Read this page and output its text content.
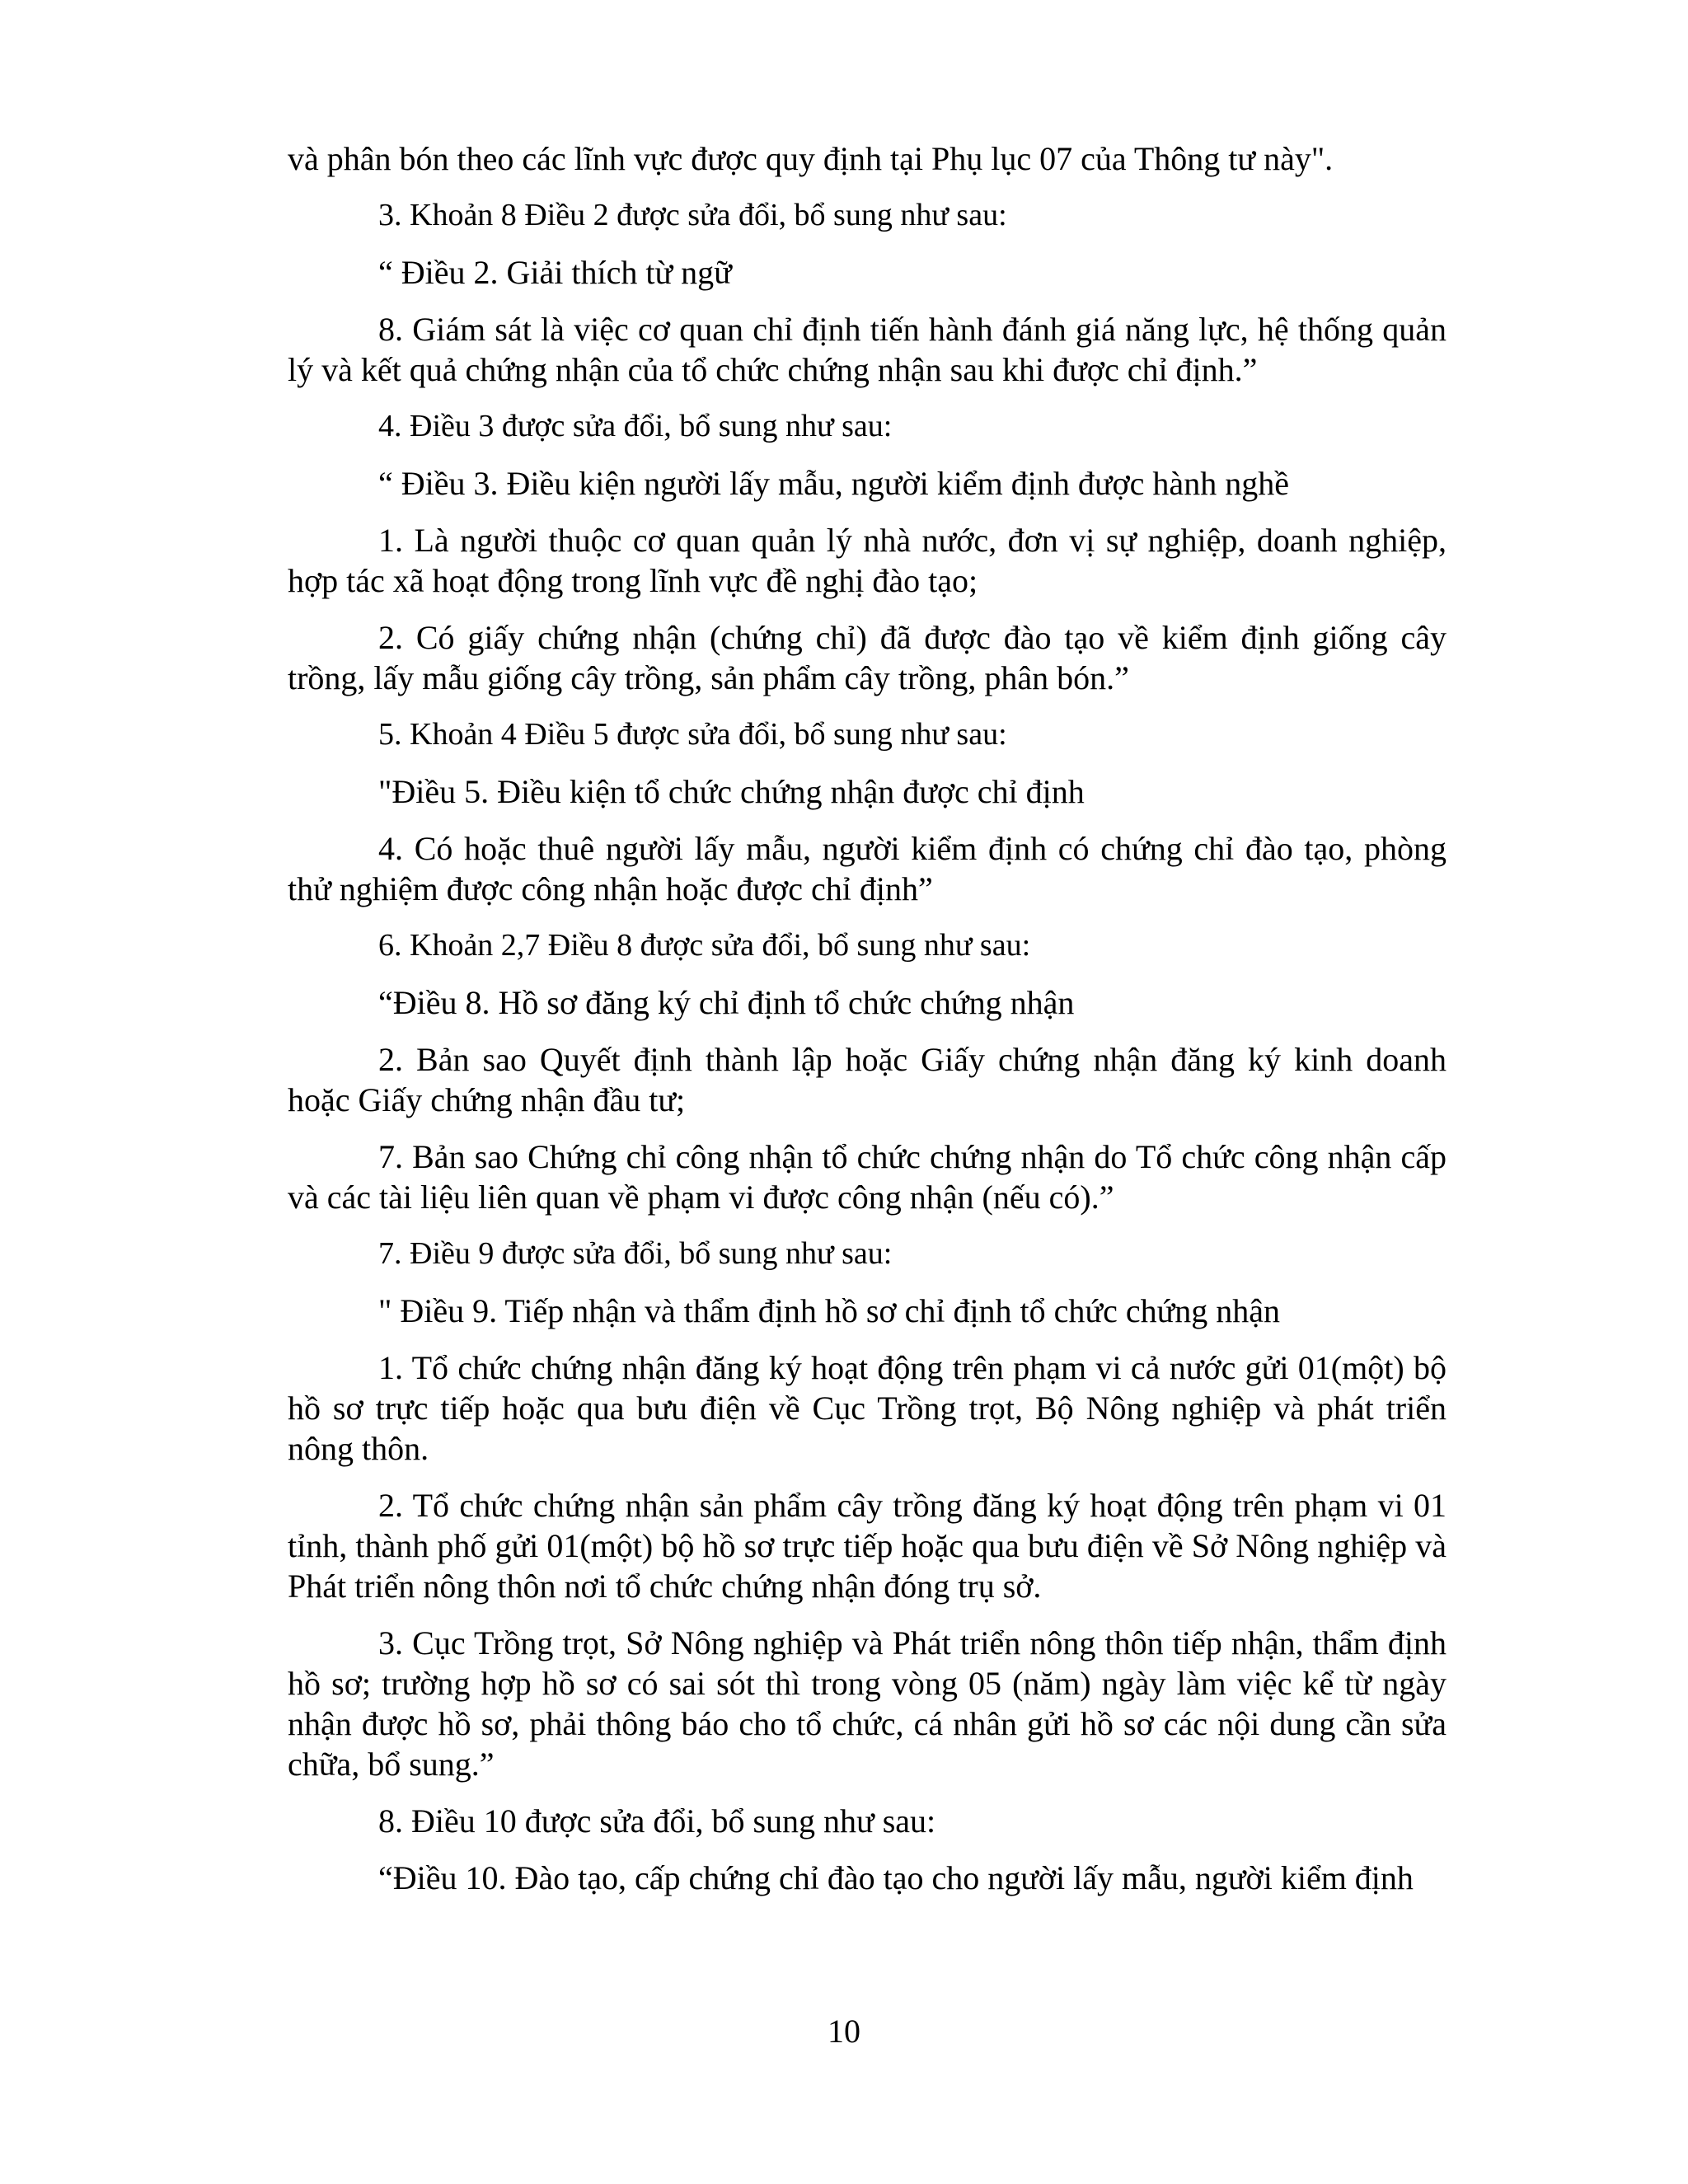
và phân bón theo các lĩnh vực được quy định tại Phụ lục 07 của Thông tư này".

3. Khoản 8 Điều 2 được sửa đổi, bổ sung như sau:

“ Điều 2. Giải thích từ ngữ

8. Giám sát là việc cơ quan chỉ định tiến hành đánh giá năng lực, hệ thống quản lý và kết quả chứng nhận của tổ chức chứng nhận sau khi được chỉ định.”

4. Điều 3 được sửa đổi, bổ sung như sau:

“ Điều 3. Điều kiện người lấy mẫu, người kiểm định được hành nghề

1. Là người thuộc cơ quan quản lý nhà nước, đơn vị sự nghiệp, doanh nghiệp, hợp tác xã hoạt động trong lĩnh vực đề nghị đào tạo;

2. Có giấy chứng nhận (chứng chỉ) đã được đào tạo về kiểm định giống cây trồng, lấy mẫu giống cây trồng, sản phẩm cây trồng, phân bón.”

5. Khoản 4 Điều 5 được sửa đổi, bổ sung như sau:

"Điều 5. Điều kiện tổ chức chứng nhận được chỉ định

4. Có hoặc thuê người lấy mẫu, người kiểm định có chứng chỉ đào tạo, phòng thử nghiệm được công nhận hoặc được chỉ định”

6. Khoản 2,7 Điều 8 được sửa đổi, bổ sung như sau:

“Điều 8. Hồ sơ đăng ký chỉ định tổ chức chứng nhận

2. Bản sao Quyết định thành lập hoặc Giấy chứng nhận đăng ký kinh doanh hoặc Giấy chứng nhận đầu tư;

7. Bản sao Chứng chỉ công nhận tổ chức chứng nhận do Tổ chức công nhận cấp và các tài liệu liên quan về phạm vi được công nhận (nếu có).”

7. Điều 9 được sửa đổi, bổ sung như sau:

" Điều 9. Tiếp nhận và thẩm định hồ sơ chỉ định tổ chức chứng nhận

1. Tổ chức chứng nhận đăng ký hoạt động trên phạm vi cả nước gửi 01(một) bộ hồ sơ trực tiếp hoặc qua bưu điện về Cục Trồng trọt, Bộ Nông nghiệp và phát triển nông thôn.

2. Tổ chức chứng nhận sản phẩm cây trồng đăng ký hoạt động trên phạm vi 01 tỉnh, thành phố gửi 01(một) bộ hồ sơ trực tiếp hoặc qua bưu điện về Sở Nông nghiệp và Phát triển nông thôn nơi tổ chức chứng nhận đóng trụ sở.

3. Cục Trồng trọt, Sở Nông nghiệp và Phát triển nông thôn tiếp nhận, thẩm định hồ sơ; trường hợp hồ sơ có sai sót thì trong vòng 05 (năm) ngày làm việc kể từ ngày nhận được hồ sơ, phải thông báo cho tổ chức, cá nhân gửi hồ sơ các nội dung cần sửa chữa, bổ sung.”

8. Điều 10 được sửa đổi, bổ sung như sau:

“Điều 10. Đào tạo, cấp chứng chỉ đào tạo cho người lấy mẫu, người kiểm định

10
